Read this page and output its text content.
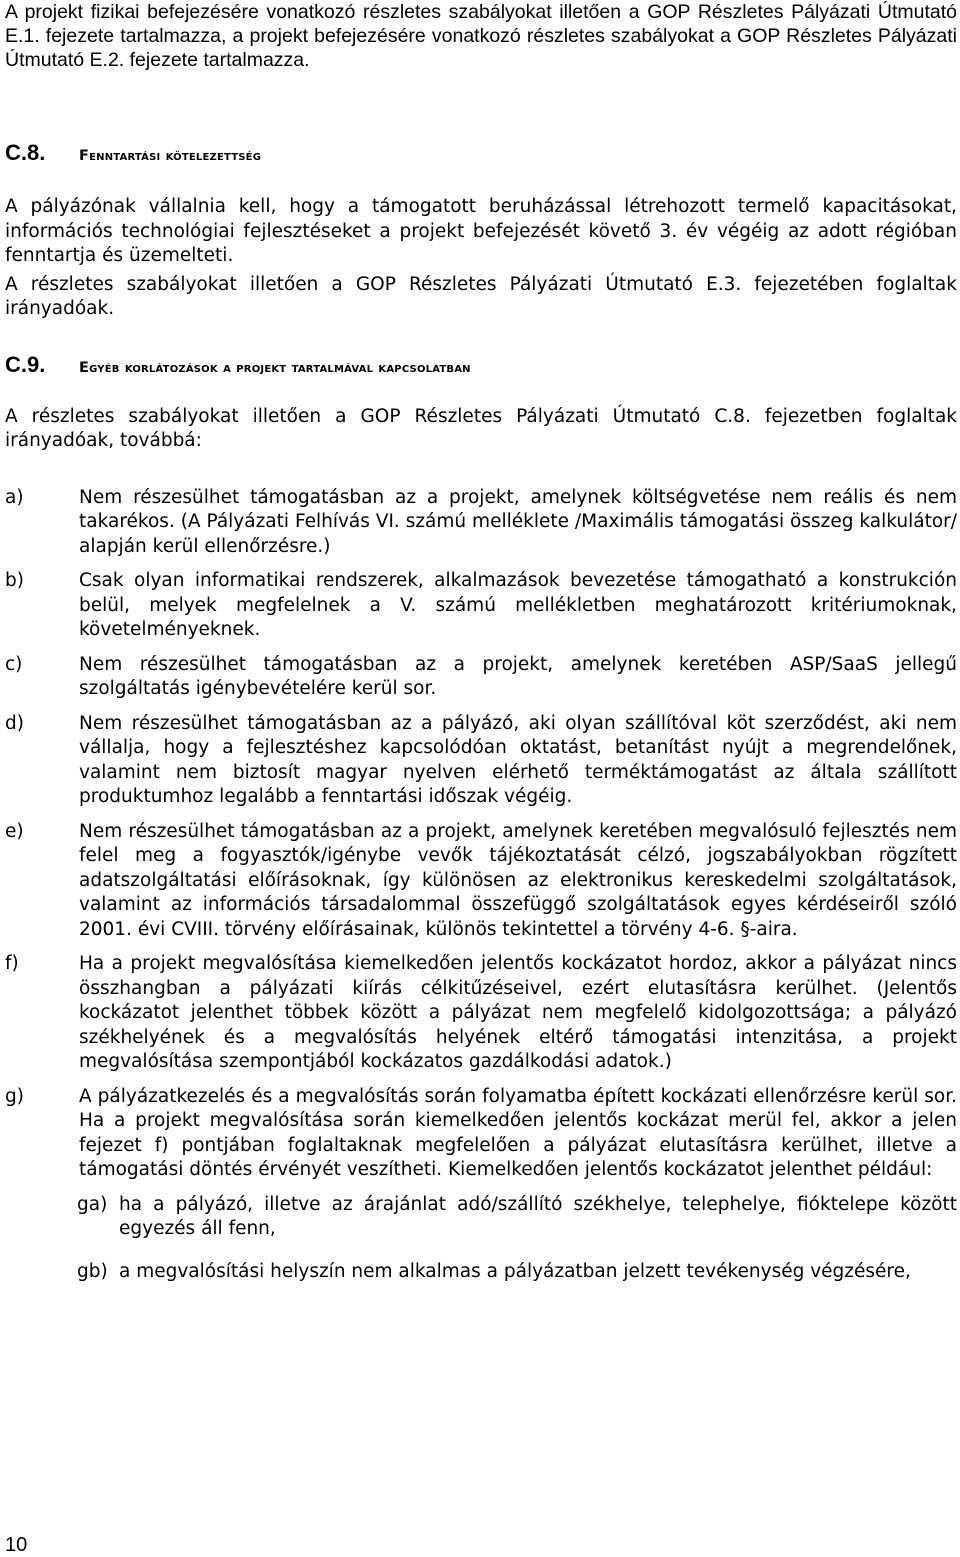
A projekt fizikai befejezésére vonatkozó részletes szabályokat illetően a GOP Részletes Pályázati Útmutató E.1. fejezete tartalmazza, a projekt befejezésére vonatkozó részletes szabályokat a GOP Részletes Pályázati Útmutató E.2. fejezete tartalmazza.

C.8.	Fenntartási kötelezettség

A pályázónak vállalnia kell, hogy a támogatott beruházással létrehozott termelő kapacitásokat, információs technológiai fejlesztéseket a projekt befejezését követő 3. év végéig az adott régióban fenntartja és üzemelteti.

A részletes szabályokat illetően a GOP Részletes Pályázati Útmutató E.3. fejezetében foglaltak irányadóak.

C.9.	Egyéb korlátozások a projekt tartalmával kapcsolatban

A részletes szabályokat illetően a GOP Részletes Pályázati Útmutató C.8. fejezetben foglaltak irányadóak, továbbá:

a)	Nem részesülhet támogatásban az a projekt, amelynek költségvetése nem reális és nem takarékos. (A Pályázati Felhívás VI. számú melléklete /Maximális támogatási összeg kalkulátor/ alapján kerül ellenőrzésre.)
b)	Csak olyan informatikai rendszerek, alkalmazások bevezetése támogatható a konstrukción belül, melyek megfelelnek a V. számú mellékletben meghatározott kritériumoknak, követelményeknek.
c)	Nem részesülhet támogatásban az a projekt, amelynek keretében ASP/SaaS jellegű szolgáltatás igénybevételére kerül sor.
d)	Nem részesülhet támogatásban az a pályázó, aki olyan szállítóval köt szerződést, aki nem vállalja, hogy a fejlesztéshez kapcsolódóan oktatást, betanítást nyújt a megrendelőnek, valamint nem biztosít magyar nyelven elérhető terméktámogatást az általa szállított produktumhoz legalább a fenntartási időszak végéig.
e)	Nem részesülhet támogatásban az a projekt, amelynek keretében megvalósuló fejlesztés nem felel meg a fogyasztók/igénybe vevők tájékoztatását célzó, jogszabályokban rögzített adatszolgáltatási előírásoknak, így különösen az elektronikus kereskedelmi szolgáltatások, valamint az információs társadalommal összefüggő szolgáltatások egyes kérdéseiről szóló 2001. évi CVIII. törvény előírásainak, különös tekintettel a törvény 4-6. §-aira.
f)	Ha a projekt megvalósítása kiemelkedően jelentős kockázatot hordoz, akkor a pályázat nincs összhangban a pályázati kiírás célkitűzéseivel, ezért elutasításra kerülhet. (Jelentős kockázatot jelenthet többek között a pályázat nem megfelelő kidolgozottsága; a pályázó székhelyének és a megvalósítás helyének eltérő támogatási intenzitása, a projekt megvalósítása szempontjából kockázatos gazdálkodási adatok.)
g)	A pályázatkezelés és a megvalósítás során folyamatba épített kockázati ellenőrzésre kerül sor. Ha a projekt megvalósítása során kiemelkedően jelentős kockázat merül fel, akkor a jelen fejezet f) pontjában foglaltaknak megfelelően a pályázat elutasításra kerülhet, illetve a támogatási döntés érvényét veszítheti. Kiemelkedően jelentős kockázatot jelenthet például:
ga) ha a pályázó, illetve az árajánlat adó/szállító székhelye, telephelye, fióktelepe között egyezés áll fenn,
gb) a megvalósítási helyszín nem alkalmas a pályázatban jelzett tevékenység végzésére,
10
